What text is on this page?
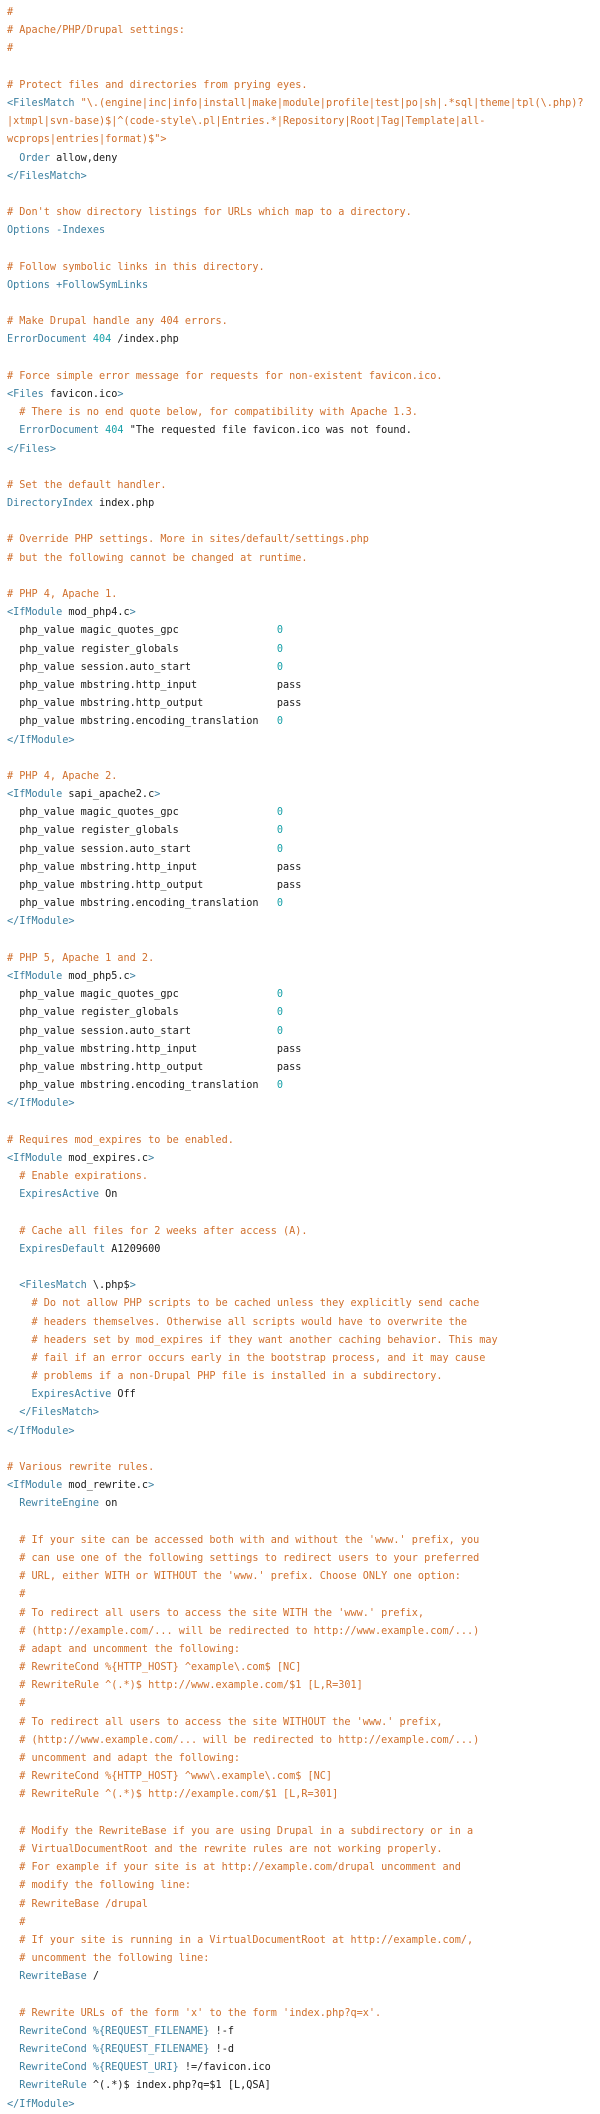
#
# Apache/PHP/Drupal settings:
#
# Protect files and directories from prying eyes.
<FilesMatch "\.(engine|inc|info|install|make|module|profile|test|po|sh|.*sql|theme|tpl(\.php)?
|xtmpl|svn-base)$|^(code-style\.pl|Entries.*|Repository|Root|Tag|Template|all-
wcprops|entries|format)$">
Order allow,deny
</FilesMatch>
# Don't show directory listings for URLs which map to a directory.
Options -Indexes
# Follow symbolic links in this directory.
Options +FollowSymLinks
# Make Drupal handle any 404 errors.
ErrorDocument 404 /index.php
# Force simple error message for requests for non-existent favicon.ico.
<Files favicon.ico>
# There is no end quote below, for compatibility with Apache 1.3.
ErrorDocument 404 "The requested file favicon.ico was not found.
</Files>
# Set the default handler.
DirectoryIndex index.php
# Override PHP settings. More in sites/default/settings.php
# but the following cannot be changed at runtime.
# PHP 4, Apache 1.
<IfModule mod_php4.c>
php_value magic_quotes_gpc                0
php_value register_globals                0
php_value session.auto_start              0
php_value mbstring.http_input             pass
php_value mbstring.http_output            pass
php_value mbstring.encoding_translation   0
</IfModule>
# PHP 4, Apache 2.
<IfModule sapi_apache2.c>
php_value magic_quotes_gpc                0
php_value register_globals                0
php_value session.auto_start              0
php_value mbstring.http_input             pass
php_value mbstring.http_output            pass
php_value mbstring.encoding_translation   0
</IfModule>
# PHP 5, Apache 1 and 2.
<IfModule mod_php5.c>
php_value magic_quotes_gpc                0
php_value register_globals                0
php_value session.auto_start              0
php_value mbstring.http_input             pass
php_value mbstring.http_output            pass
php_value mbstring.encoding_translation   0
</IfModule>
# Requires mod_expires to be enabled.
<IfModule mod_expires.c>
# Enable expirations.
ExpiresActive On
# Cache all files for 2 weeks after access (A).
ExpiresDefault A1209600
<FilesMatch \.php$>
# Do not allow PHP scripts to be cached unless they explicitly send cache
# headers themselves. Otherwise all scripts would have to overwrite the
# headers set by mod_expires if they want another caching behavior. This may
# fail if an error occurs early in the bootstrap process, and it may cause
# problems if a non-Drupal PHP file is installed in a subdirectory.
ExpiresActive Off
</FilesMatch>
</IfModule>
# Various rewrite rules.
<IfModule mod_rewrite.c>
RewriteEngine on
# If your site can be accessed both with and without the 'www.' prefix, you
# can use one of the following settings to redirect users to your preferred
# URL, either WITH or WITHOUT the 'www.' prefix. Choose ONLY one option:
#
# To redirect all users to access the site WITH the 'www.' prefix,
# (http://example.com/... will be redirected to http://www.example.com/...)
# adapt and uncomment the following:
# RewriteCond %{HTTP_HOST} ^example\.com$ [NC]
# RewriteRule ^(.*)$ http://www.example.com/$1 [L,R=301]
#
# To redirect all users to access the site WITHOUT the 'www.' prefix,
# (http://www.example.com/... will be redirected to http://example.com/...)
# uncomment and adapt the following:
# RewriteCond %{HTTP_HOST} ^www\.example\.com$ [NC]
# RewriteRule ^(.*)$ http://example.com/$1 [L,R=301]
# Modify the RewriteBase if you are using Drupal in a subdirectory or in a
# VirtualDocumentRoot and the rewrite rules are not working properly.
# For example if your site is at http://example.com/drupal uncomment and
# modify the following line:
# RewriteBase /drupal
#
# If your site is running in a VirtualDocumentRoot at http://example.com/,
# uncomment the following line:
RewriteBase /
# Rewrite URLs of the form 'x' to the form 'index.php?q=x'.
RewriteCond %{REQUEST_FILENAME} !-f
RewriteCond %{REQUEST_FILENAME} !-d
RewriteCond %{REQUEST_URI} !=/favicon.ico
RewriteRule ^(.*)$ index.php?q=$1 [L,QSA]
</IfModule>
